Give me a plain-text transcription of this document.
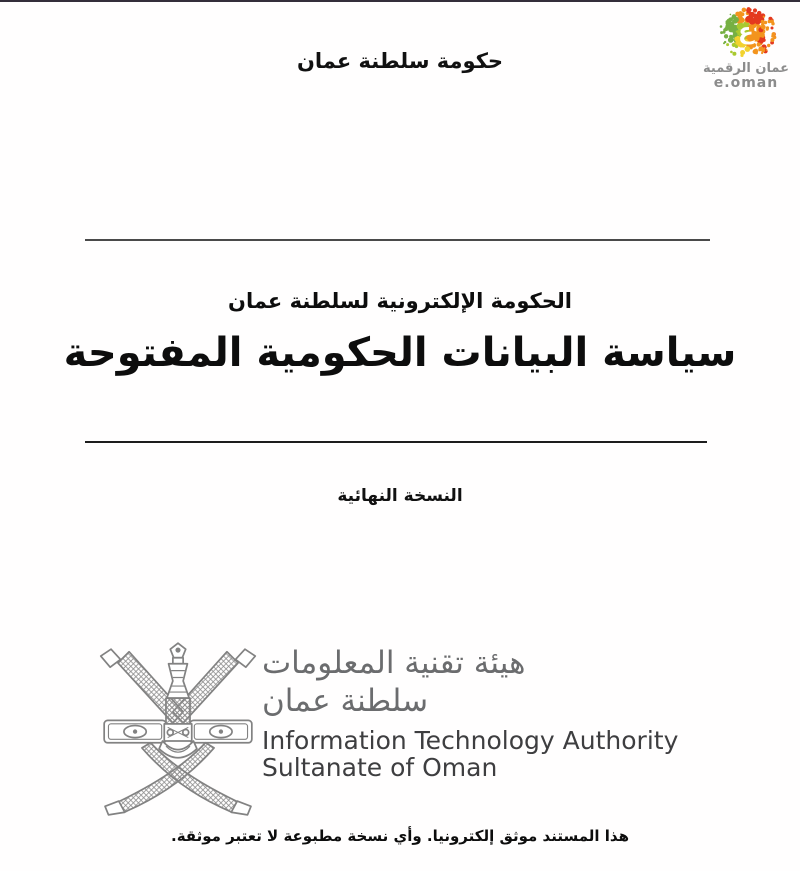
حكومة سلطنة عمان
ع
عمان الرقمية
e.oman
الحكومة الإلكترونية لسلطنة عمان
سياسة البيانات الحكومية المفتوحة
النسخة النهائية
هيئة تقنية المعلومات
سلطنة عمان
Information Technology Authority
Sultanate of Oman
هذا المستند موثق إلكترونيا. وأي نسخة مطبوعة لا تعتبر موثقة.
